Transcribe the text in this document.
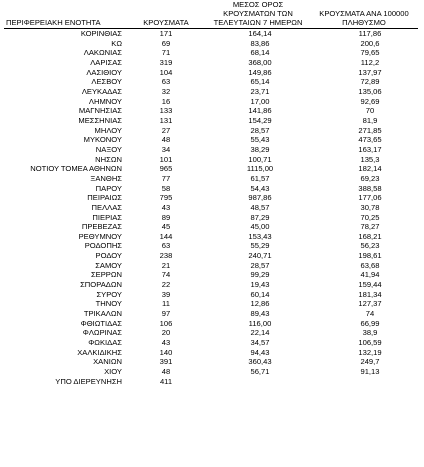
ΠΕΡΙΦΕΡΕΙΑΚΗ ΕΝΟΤΗΤΑ	ΚΡΟΥΣΜΑΤΑ	ΜΕΣΟΣ ΟΡΟΣ
ΚΡΟΥΣΜΑΤΩΝ ΤΩΝ
ΤΕΛΕΥΤΑΙΩΝ 7 ΗΜΕΡΩΝ	ΚΡΟΥΣΜΑΤΑ ΑΝΑ 100000
ΠΛΗΘΥΣΜΟ
ΚΟΡΙΝΘΙΑΣ	171	164,14	117,86
ΚΩ	69	83,86	200,6
ΛΑΚΩΝΙΑΣ	71	68,14	79,65
ΛΑΡΙΣΑΣ	319	368,00	112,2
ΛΑΣΙΘΙΟΥ	104	149,86	137,97
ΛΕΣΒΟΥ	63	65,14	72,89
ΛΕΥΚΑΔΑΣ	32	23,71	135,06
ΛΗΜΝΟΥ	16	17,00	92,69
ΜΑΓΝΗΣΙΑΣ	133	141,86	70
ΜΕΣΣΗΝΙΑΣ	131	154,29	81,9
ΜΗΛΟΥ	27	28,57	271,85
ΜΥΚΟΝΟΥ	48	55,43	473,65
ΝΑΞΟΥ	34	38,29	163,17
ΝΗΣΩΝ	101	100,71	135,3
ΝΟΤΙΟΥ ΤΟΜΕΑ ΑΘΗΝΩΝ	965	1115,00	182,14
ΞΑΝΘΗΣ	77	61,57	69,23
ΠΑΡΟΥ	58	54,43	388,58
ΠΕΙΡΑΙΩΣ	795	987,86	177,06
ΠΕΛΛΑΣ	43	48,57	30,78
ΠΙΕΡΙΑΣ	89	87,29	70,25
ΠΡΕΒΕΖΑΣ	45	45,00	78,27
ΡΕΘΥΜΝΟΥ	144	153,43	168,21
ΡΟΔΟΠΗΣ	63	55,29	56,23
ΡΟΔΟΥ	238	240,71	198,61
ΣΑΜΟΥ	21	28,57	63,68
ΣΕΡΡΩΝ	74	99,29	41,94
ΣΠΟΡΑΔΩΝ	22	19,43	159,44
ΣΥΡΟΥ	39	60,14	181,34
ΤΗΝΟΥ	11	12,86	127,37
ΤΡΙΚΑΛΩΝ	97	89,43	74
ΦΘΙΩΤΙΔΑΣ	106	116,00	66,99
ΦΛΩΡΙΝΑΣ	20	22,14	38,9
ΦΩΚΙΔΑΣ	43	34,57	106,59
ΧΑΛΚΙΔΙΚΗΣ	140	94,43	132,19
ΧΑΝΙΩΝ	391	360,43	249,7
ΧΙΟΥ	48	56,71	91,13
ΥΠΟ ΔΙΕΡΕΥΝΗΣΗ	411		
